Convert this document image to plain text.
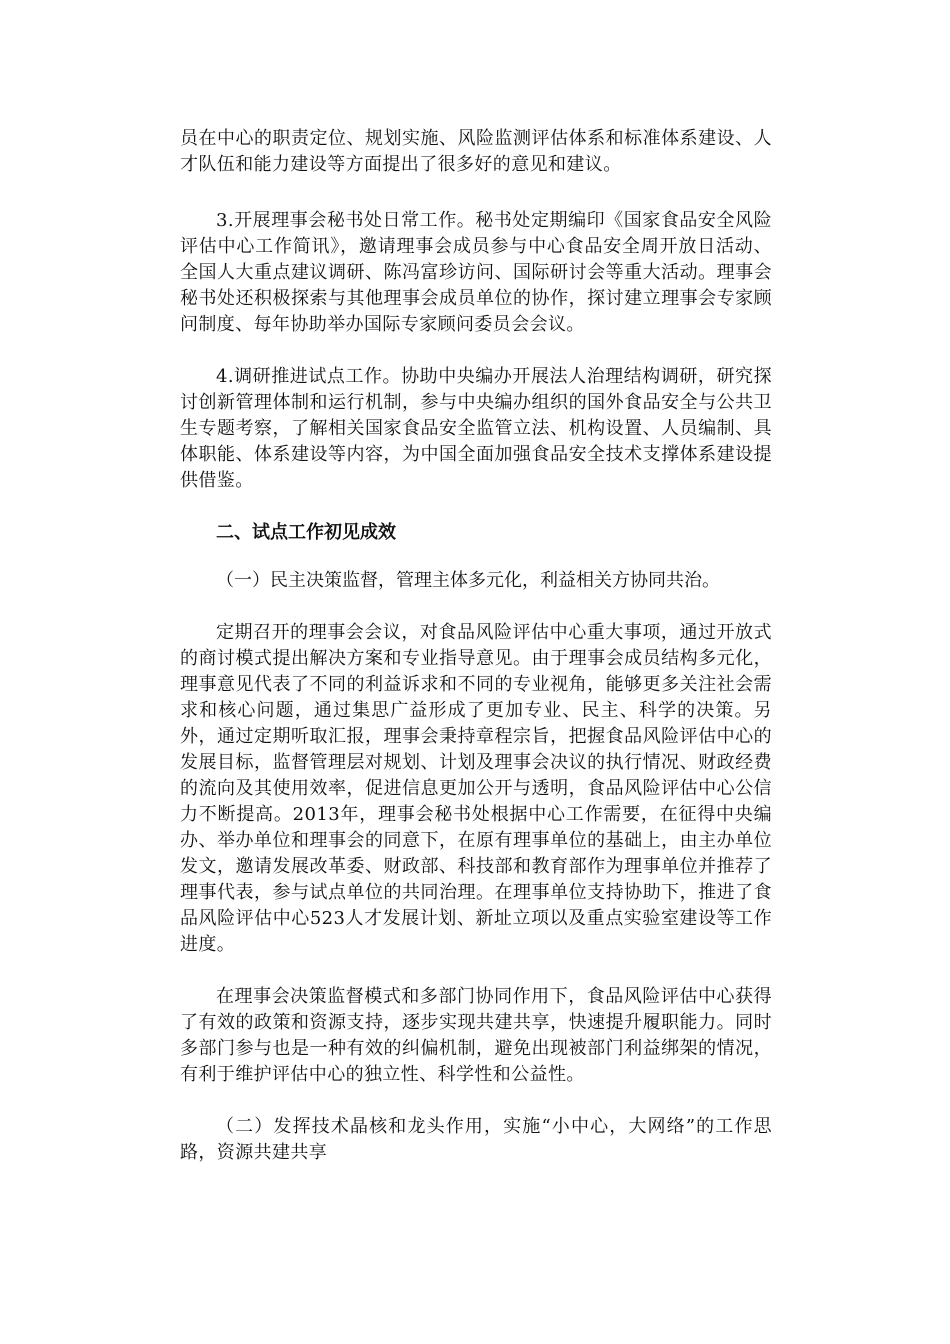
员在中心的职责定位、规划实施、风险监测评估体系和标准体系建设、人才队伍和能力建设等方面提出了很多好的意见和建议。

3.开展理事会秘书处日常工作。秘书处定期编印《国家食品安全风险评估中心工作简讯》，邀请理事会成员参与中心食品安全周开放日活动、全国人大重点建议调研、陈冯富珍访问、国际研讨会等重大活动。理事会秘书处还积极探索与其他理事会成员单位的协作，探讨建立理事会专家顾问制度、每年协助举办国际专家顾问委员会会议。

4.调研推进试点工作。协助中央编办开展法人治理结构调研，研究探讨创新管理体制和运行机制，参与中央编办组织的国外食品安全与公共卫生专题考察，了解相关国家食品安全监管立法、机构设置、人员编制、具体职能、体系建设等内容，为中国全面加强食品安全技术支撑体系建设提供借鉴。

二、试点工作初见成效

（一）民主决策监督，管理主体多元化，利益相关方协同共治。

定期召开的理事会会议，对食品风险评估中心重大事项，通过开放式的商讨模式提出解决方案和专业指导意见。由于理事会成员结构多元化，理事意见代表了不同的利益诉求和不同的专业视角，能够更多关注社会需求和核心问题，通过集思广益形成了更加专业、民主、科学的决策。另外，通过定期听取汇报，理事会秉持章程宗旨，把握食品风险评估中心的发展目标，监督管理层对规划、计划及理事会决议的执行情况、财政经费的流向及其使用效率，促进信息更加公开与透明，食品风险评估中心公信力不断提高。2013年，理事会秘书处根据中心工作需要，在征得中央编办、举办单位和理事会的同意下，在原有理事单位的基础上，由主办单位发文，邀请发展改革委、财政部、科技部和教育部作为理事单位并推荐了理事代表，参与试点单位的共同治理。在理事单位支持协助下，推进了食品风险评估中心523人才发展计划、新址立项以及重点实验室建设等工作进度。

在理事会决策监督模式和多部门协同作用下，食品风险评估中心获得了有效的政策和资源支持，逐步实现共建共享，快速提升履职能力。同时多部门参与也是一种有效的纠偏机制，避免出现被部门利益绑架的情况，有利于维护评估中心的独立性、科学性和公益性。

（二）发挥技术晶核和龙头作用，实施“小中心，大网络”的工作思路，资源共建共享
